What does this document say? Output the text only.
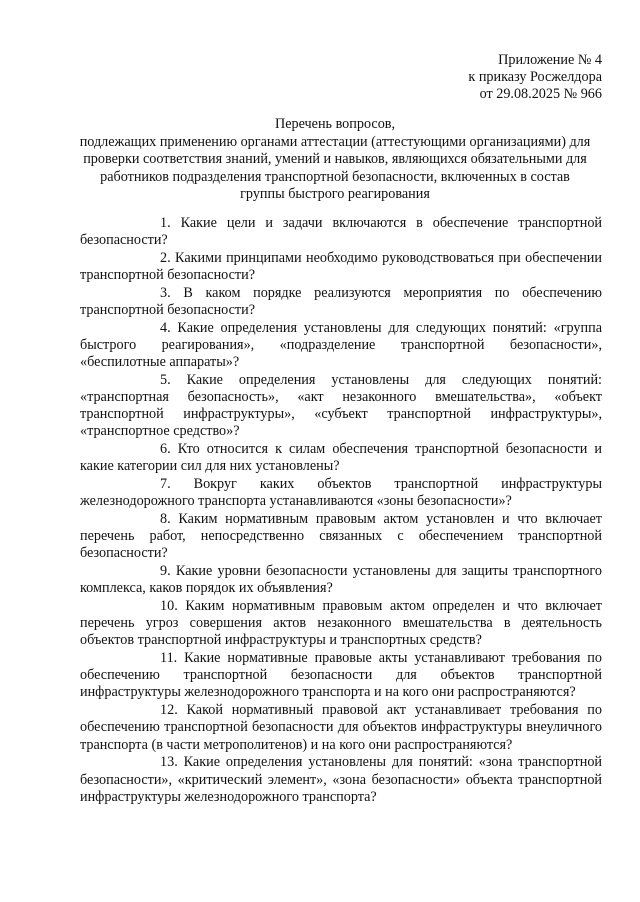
Приложение № 4
к приказу Росжелдора
от 29.08.2025 № 966
Перечень вопросов,
подлежащих применению органами аттестации (аттестующими организациями) для
проверки соответствия знаний, умений и навыков, являющихся обязательными для
работников подразделения транспортной безопасности, включенных в состав
группы быстрого реагирования

1. Какие цели и задачи включаются в обеспечение транспортной безопасности?

2. Какими принципами необходимо руководствоваться при обеспечении транспортной безопасности?

3. В каком порядке реализуются мероприятия по обеспечению транспортной безопасности?

4. Какие определения установлены для следующих понятий: «группа быстрого реагирования», «подразделение транспортной безопасности», «беспилотные аппараты»?

5. Какие определения установлены для следующих понятий: «транспортная безопасность», «акт незаконного вмешательства», «объект транспортной инфраструктуры», «субъект транспортной инфраструктуры», «транспортное средство»?

6. Кто относится к силам обеспечения транспортной безопасности и какие категории сил для них установлены?

7. Вокруг каких объектов транспортной инфраструктуры железнодорожного транспорта устанавливаются «зоны безопасности»?

8. Каким нормативным правовым актом установлен и что включает перечень работ, непосредственно связанных с обеспечением транспортной безопасности?

9. Какие уровни безопасности установлены для защиты транспортного комплекса, каков порядок их объявления?

10. Каким нормативным правовым актом определен и что включает перечень угроз совершения актов незаконного вмешательства в деятельность объектов транспортной инфраструктуры и транспортных средств?

11. Какие нормативные правовые акты устанавливают требования по обеспечению транспортной безопасности для объектов транспортной инфраструктуры железнодорожного транспорта и на кого они распространяются?

12. Какой нормативный правовой акт устанавливает требования по обеспечению транспортной безопасности для объектов инфраструктуры внеуличного транспорта (в части метрополитенов) и на кого они распространяются?

13. Какие определения установлены для понятий: «зона транспортной безопасности», «критический элемент», «зона безопасности» объекта транспортной инфраструктуры железнодорожного транспорта?
